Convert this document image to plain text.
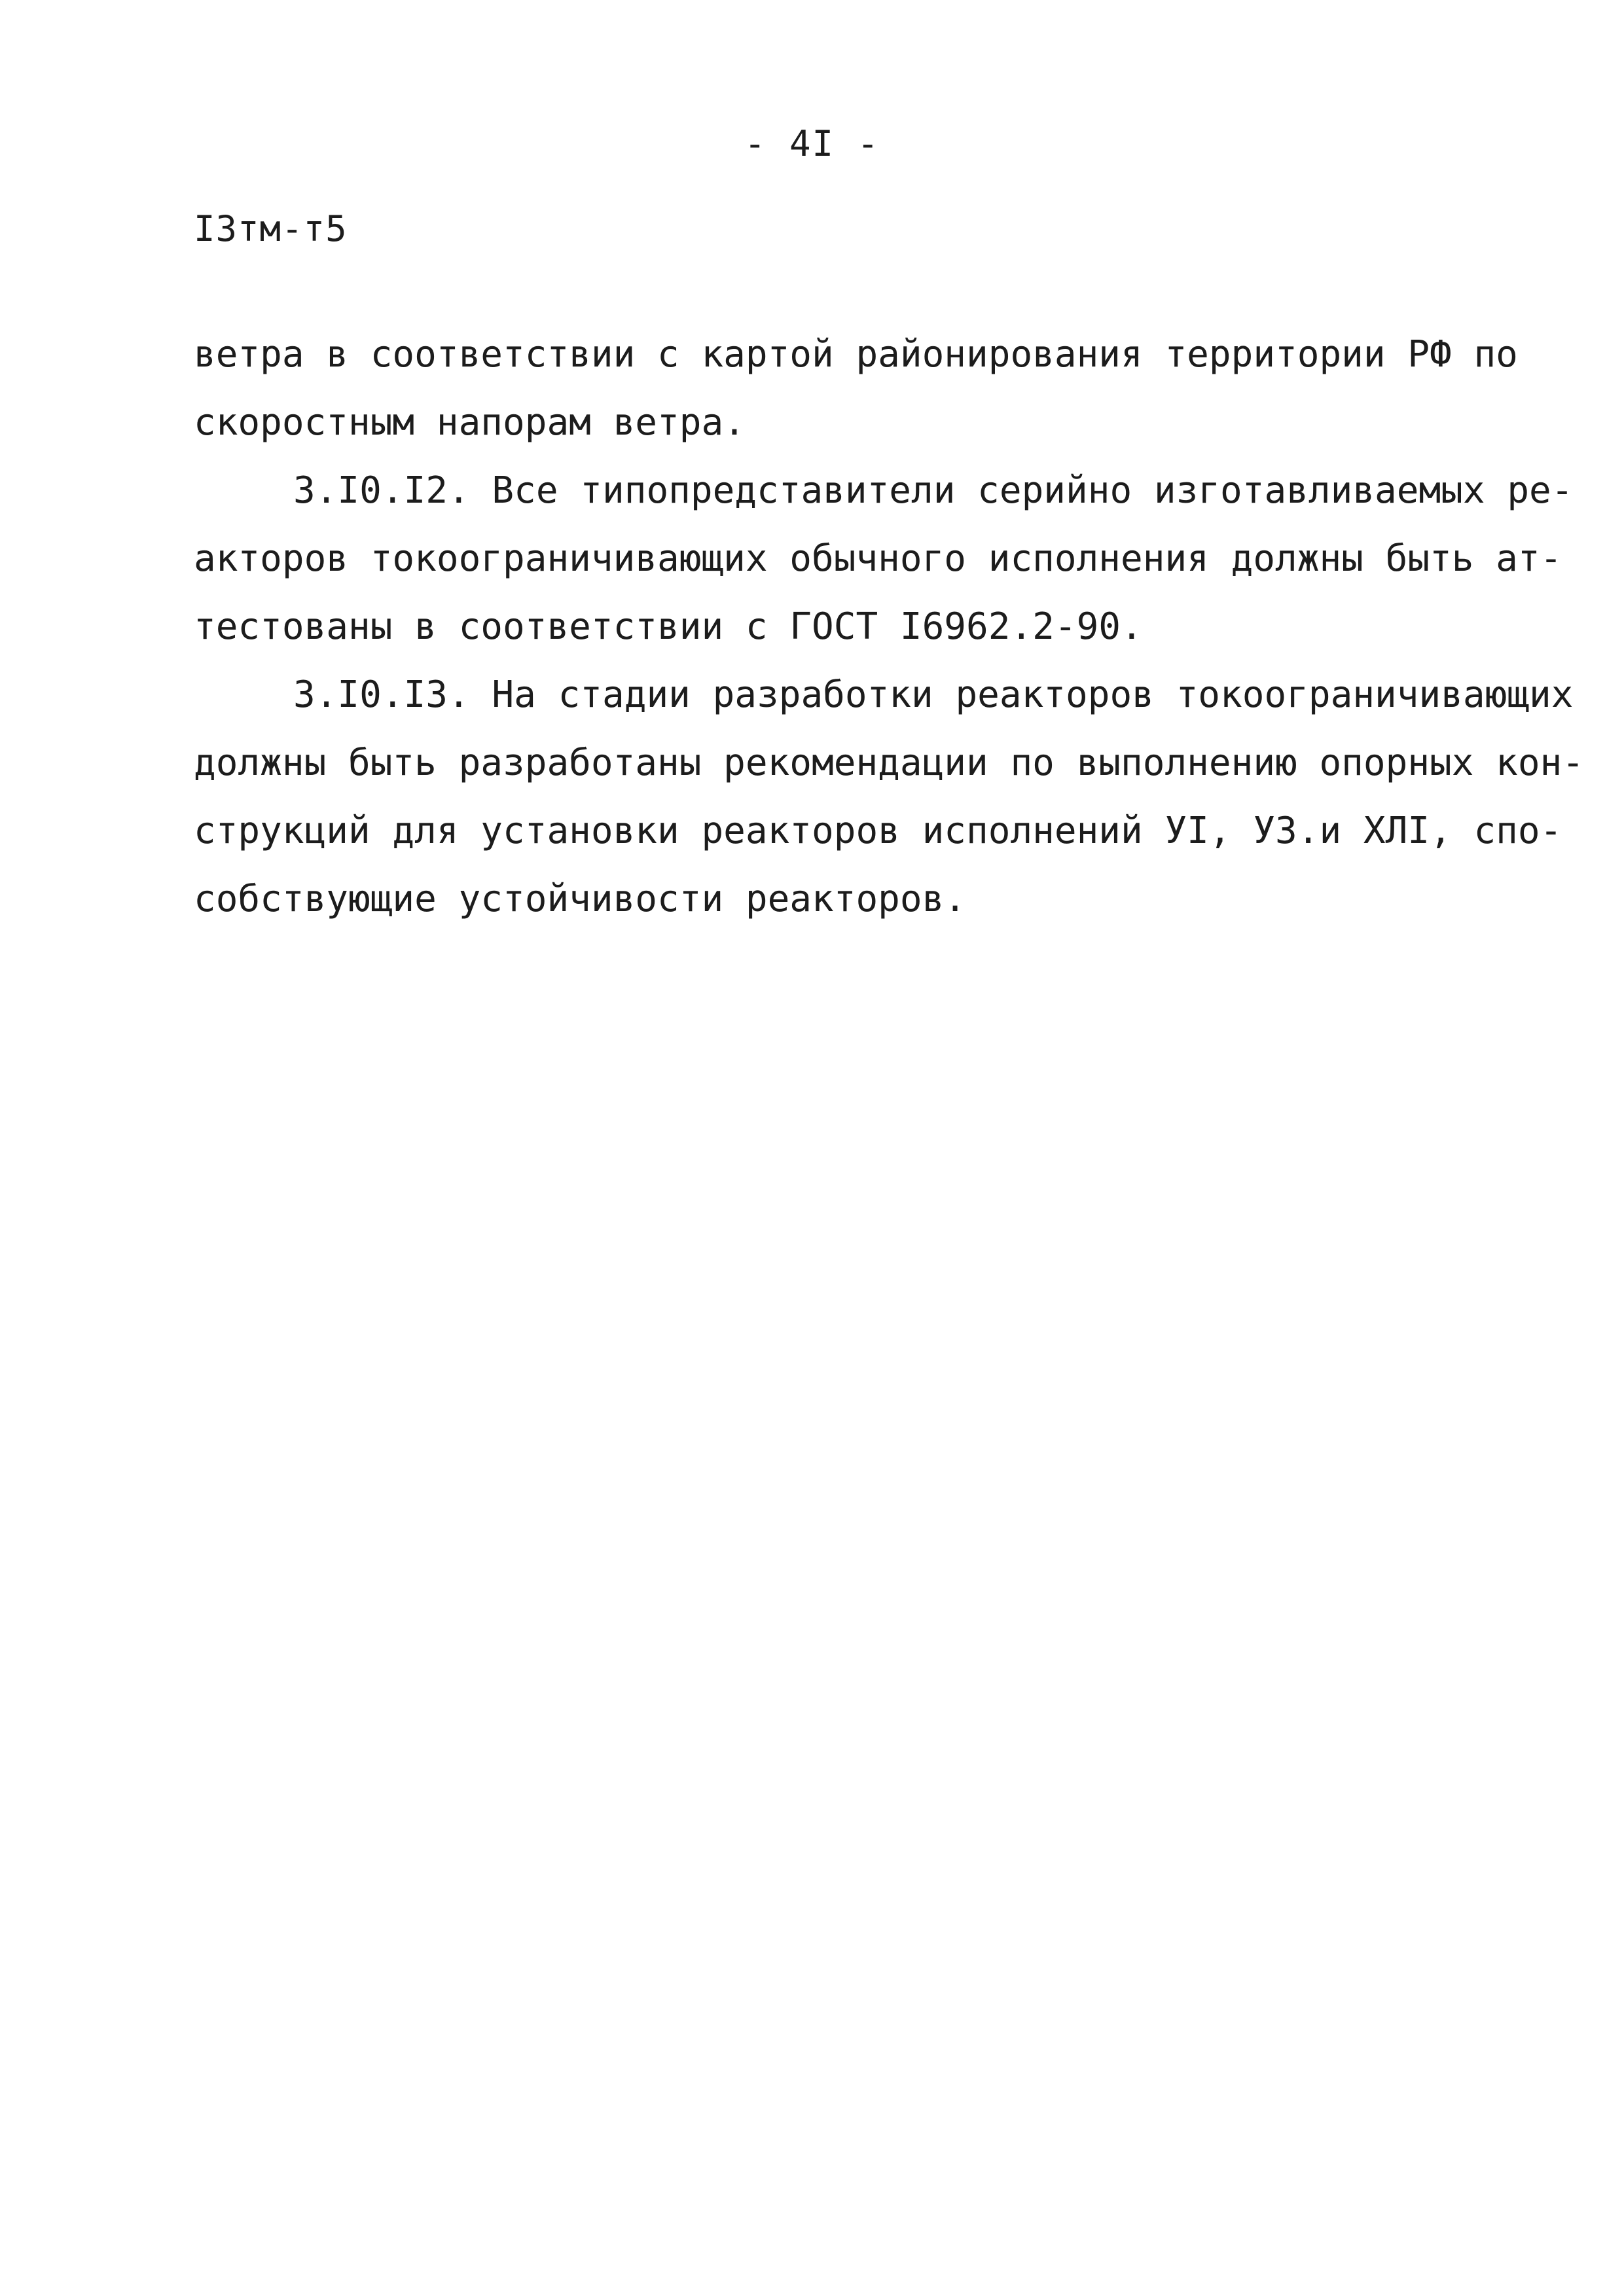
- 4I -
I3тм-т5
ветра в соответствии с картой районирования территории РФ по
скоростным напорам ветра.
3.I0.I2. Все типопредставители серийно изготавливаемых ре-
акторов токоограничивающих обычного исполнения должны быть ат-
тестованы в соответствии с ГОСТ I6962.2-90.
3.I0.I3. На стадии разработки реакторов токоограничивающих
должны быть разработаны рекомендации по выполнению опорных кон-
струкций для установки реакторов исполнений УI, У3.и ХЛI, спо-
собствующие устойчивости реакторов.
